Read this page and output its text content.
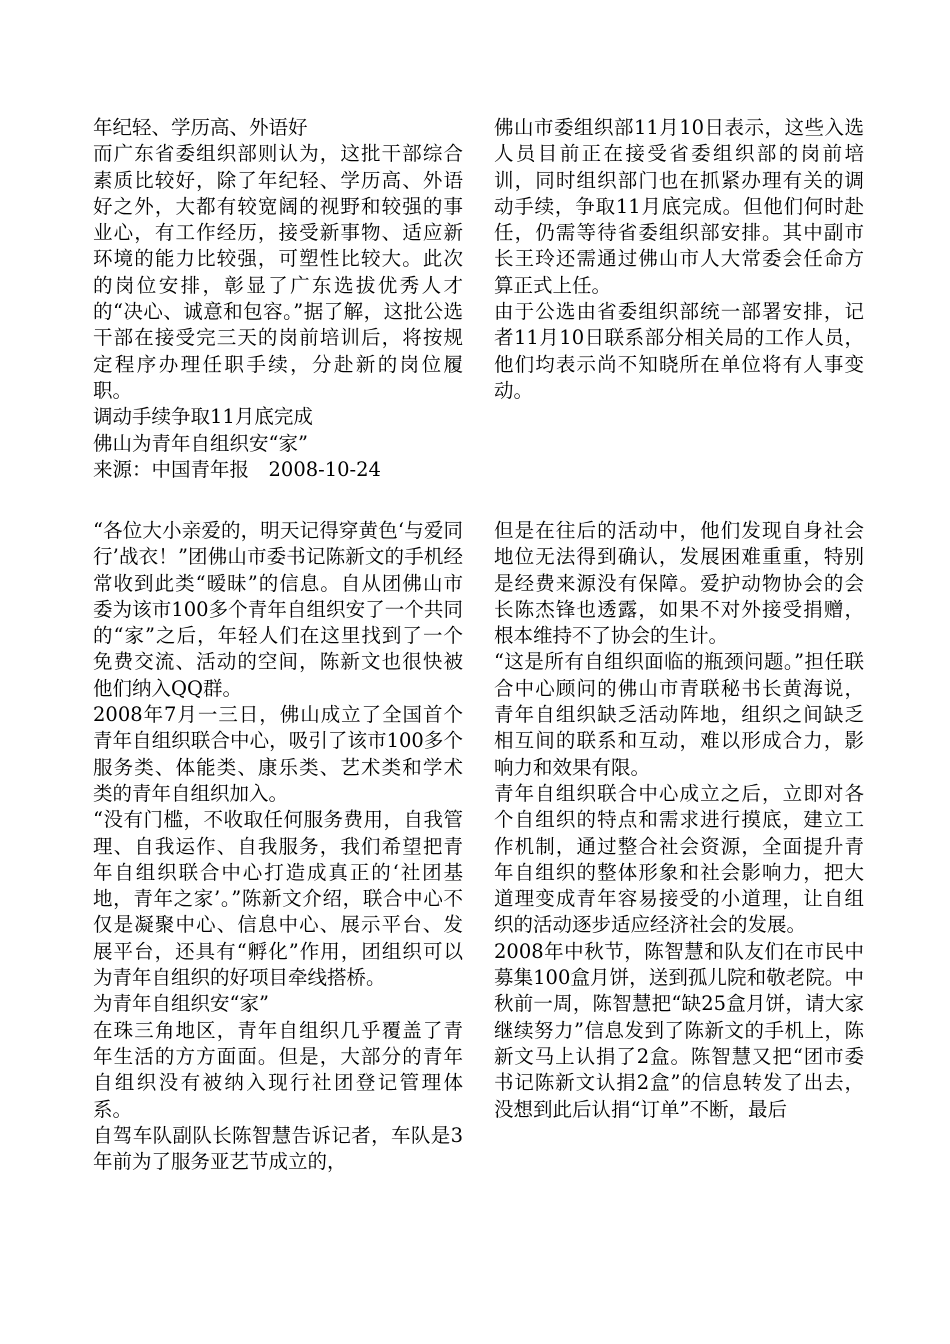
年纪轻、学历高、外语好

而广东省委组织部则认为，这批干部综合素质比较好，除了年纪轻、学历高、外语好之外，大都有较宽阔的视野和较强的事业心，有工作经历，接受新事物、适应新环境的能力比较强，可塑性比较大。此次的岗位安排，彰显了广东选拔优秀人才的“决心、诚意和包容。”据了解，这批公选干部在接受完三天的岗前培训后，将按规定程序办理任职手续，分赴新的岗位履职。

调动手续争取11月底完成

佛山为青年自组织安“家”

来源：中国青年报　2008-10-24

佛山市委组织部11月10日表示，这些入选人员目前正在接受省委组织部的岗前培训，同时组织部门也在抓紧办理有关的调动手续，争取11月底完成。但他们何时赴任，仍需等待省委组织部安排。其中副市长王玲还需通过佛山市人大常委会任命方算正式上任。

由于公选由省委组织部统一部署安排，记者11月10日联系部分相关局的工作人员，他们均表示尚不知晓所在单位将有人事变动。

“各位大小亲爱的，明天记得穿黄色‘与爱同行’战衣！”团佛山市委书记陈新文的手机经常收到此类“暧昧”的信息。自从团佛山市委为该市100多个青年自组织安了一个共同的“家”之后，年轻人们在这里找到了一个免费交流、活动的空间，陈新文也很快被他们纳入QQ群。

2008年7月一三日，佛山成立了全国首个青年自组织联合中心，吸引了该市100多个服务类、体能类、康乐类、艺术类和学术类的青年自组织加入。

“没有门槛，不收取任何服务费用，自我管理、自我运作、自我服务，我们希望把青年自组织联合中心打造成真正的‘社团基地，青年之家’。”陈新文介绍，联合中心不仅是凝聚中心、信息中心、展示平台、发展平台，还具有“孵化”作用，团组织可以为青年自组织的好项目牵线搭桥。

为青年自组织安“家”

在珠三角地区，青年自组织几乎覆盖了青年生活的方方面面。但是，大部分的青年自组织没有被纳入现行社团登记管理体系。

自驾车队副队长陈智慧告诉记者，车队是3年前为了服务亚艺节成立的，

但是在往后的活动中，他们发现自身社会地位无法得到确认，发展困难重重，特别是经费来源没有保障。爱护动物协会的会长陈杰锋也透露，如果不对外接受捐赠，根本维持不了协会的生计。

“这是所有自组织面临的瓶颈问题。”担任联合中心顾问的佛山市青联秘书长黄海说，青年自组织缺乏活动阵地，组织之间缺乏相互间的联系和互动，难以形成合力，影响力和效果有限。

青年自组织联合中心成立之后，立即对各个自组织的特点和需求进行摸底，建立工作机制，通过整合社会资源，全面提升青年自组织的整体形象和社会影响力，把大道理变成青年容易接受的小道理，让自组织的活动逐步适应经济社会的发展。

2008年中秋节，陈智慧和队友们在市民中募集100盒月饼，送到孤儿院和敬老院。中秋前一周，陈智慧把“缺25盒月饼，请大家继续努力”信息发到了陈新文的手机上，陈新文马上认捐了2盒。陈智慧又把“团市委书记陈新文认捐2盒”的信息转发了出去，没想到此后认捐“订单”不断，最后
